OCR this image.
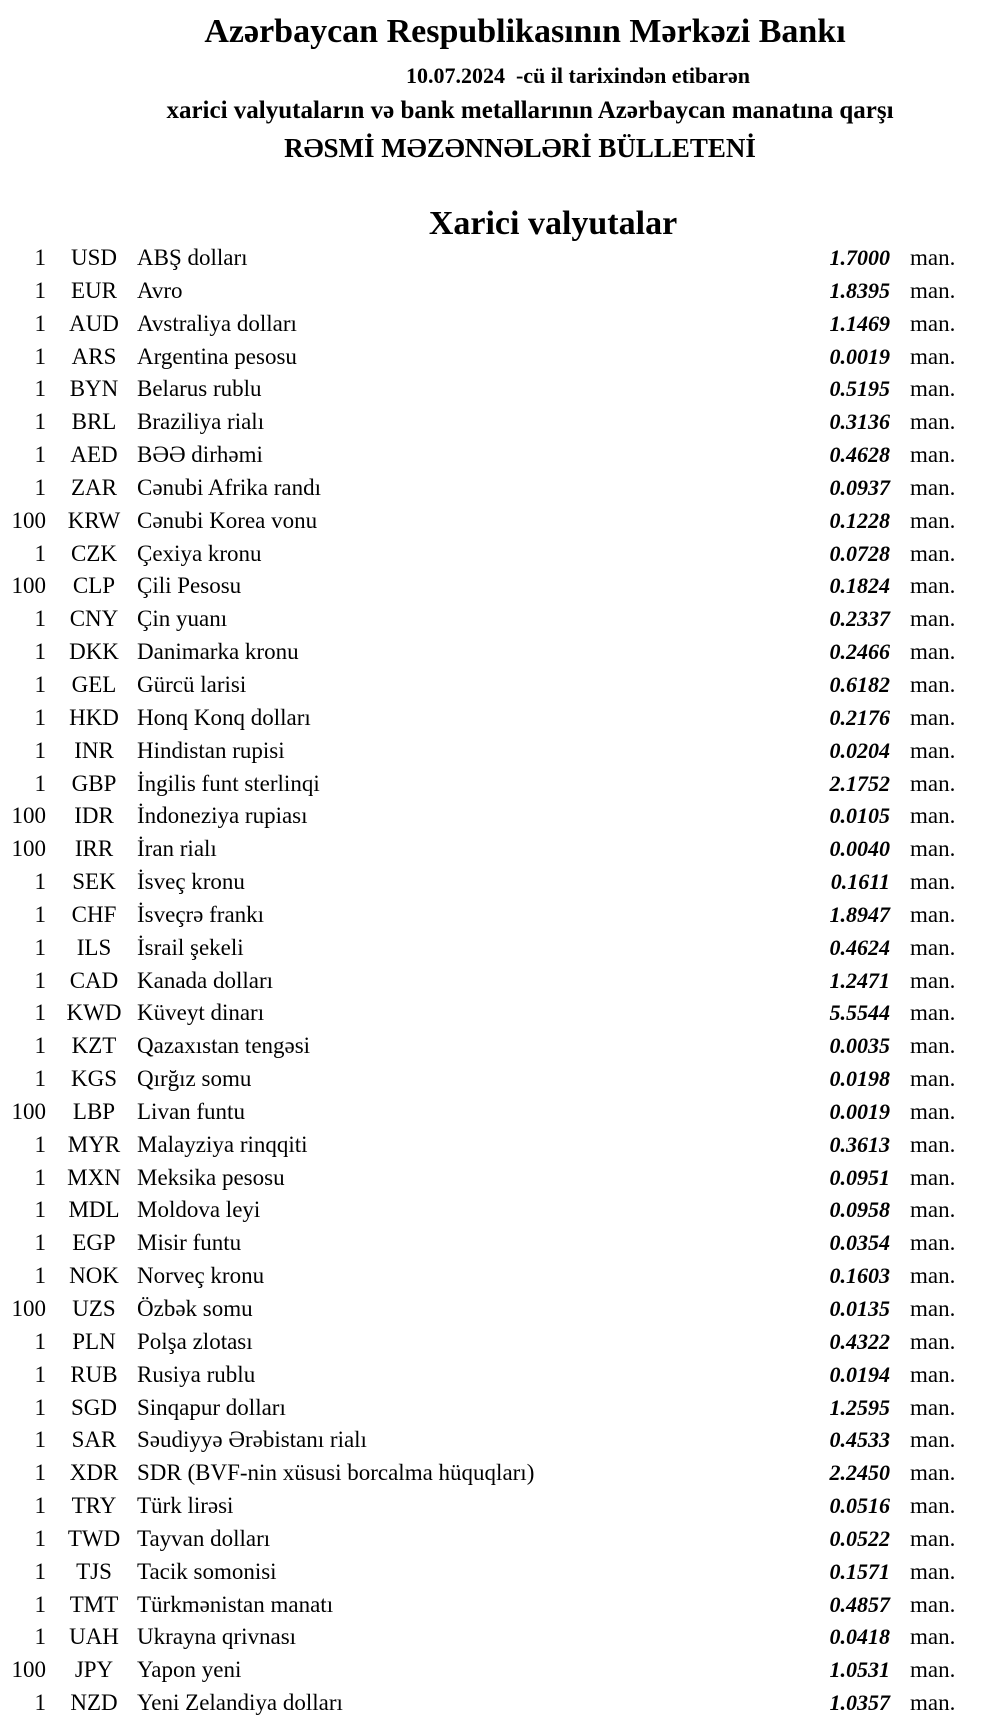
Azərbaycan Respublikasının Mərkəzi Bankı
10.07.2024  -cü il tarixindən etibarən
xarici valyutaların və bank metallarının Azərbaycan manatına qarşı
RƏSMİ MƏZƏNNƏLƏRİ BÜLLETENİ
Xarici valyutalar
1	USD ABŞ dolları	1.7000 man.
1	EUR Avro	1.8395 man.
1	AUD Avstraliya dolları	1.1469 man.
1	ARS Argentina pesosu	0.0019 man.
1	BYN Belarus rublu	0.5195 man.
1	BRL Braziliya rialı	0.3136 man.
1	AED BƏƏ dirhəmi	0.4628 man.
1	ZAR Cənubi Afrika randı	0.0937 man.
100 KRW Cənubi Korea vonu	0.1228 man.
1	CZK Çexiya kronu	0.0728 man.
100	CLP Çili Pesosu	0.1824 man.
1	CNY Çin yuanı	0.2337 man.
1	DKK Danimarka kronu	0.2466 man.
1	GEL Gürcü larisi	0.6182 man.
1	HKD Honq Konq dolları	0.2176 man.
1	INR	Hindistan rupisi	0.0204 man.
1	GBP İngilis funt sterlinqi	2.1752 man.
100	IDR	İndoneziya rupiası	0.0105 man.
100	IRR	İran rialı	0.0040 man.
1	SEK İsveç kronu	0.1611 man.
1	CHF İsveçrə frankı	1.8947 man.
1	ILS	İsrail şekeli	0.4624 man.
1	CAD Kanada dolları	1.2471 man.
1 KWD Küveyt dinarı	5.5544 man.
1	KZT Qazaxıstan tengəsi	0.0035 man.
1	KGS Qırğız somu	0.0198 man.
100	LBP Livan funtu	0.0019 man.
1 MYR Malayziya rinqqiti	0.3613 man.
1 MXN Meksika pesosu	0.0951 man.
1 MDL Moldova leyi	0.0958 man.
1	EGP Misir funtu	0.0354 man.
1	NOK Norveç kronu	0.1603 man.
100	UZS Özbək somu	0.0135 man.
1	PLN Polşa zlotası	0.4322 man.
1	RUB Rusiya rublu	0.0194 man.
1	SGD Sinqapur dolları	1.2595 man.
1	SAR Səudiyyə Ərəbistanı rialı	0.4533 man.
1	XDR SDR (BVF-nin xüsusi borcalma hüquqları)	2.2450 man.
1	TRY Türk lirəsi	0.0516 man.
1 TWD Tayvan dolları	0.0522 man.
1	TJS	Tacik somonisi	0.1571 man.
1	TMT Türkmənistan manatı	0.4857 man.
1	UAH Ukrayna qrivnası	0.0418 man.
100	JPY	Yapon yeni	1.0531 man.
1	NZD Yeni Zelandiya dolları	1.0357 man.
